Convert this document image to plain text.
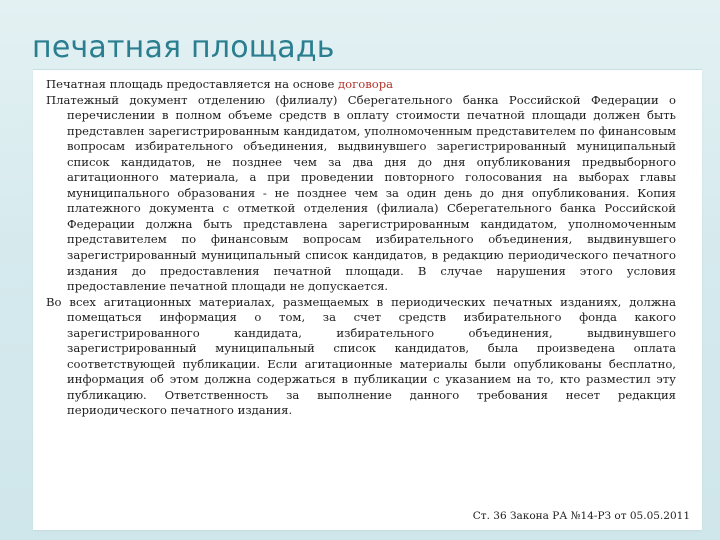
печатная площадь

Печатная площадь предоставляется на основе договора

Платежный документ отделению (филиалу) Сберегательного банка Российской Федерации о перечислении в полном объеме средств в оплату стоимости печатной площади должен быть представлен зарегистрированным кандидатом, уполномоченным представителем по финансовым вопросам избирательного объединения, выдвинувшего зарегистрированный муниципальный список кандидатов, не позднее чем за два дня до дня опубликования предвыборного агитационного материала, а при проведении повторного голосования на выборах главы муниципального образования - не позднее чем за один день до дня опубликования. Копия платежного документа с отметкой отделения (филиала) Сберегательного банка Российской Федерации должна быть представлена зарегистрированным кандидатом, уполномоченным представителем по финансовым вопросам избирательного объединения, выдвинувшего зарегистрированный муниципальный список кандидатов, в редакцию периодического печатного издания до предоставления печатной площади. В случае нарушения этого условия предоставление печатной площади не допускается.

Во всех агитационных материалах, размещаемых в периодических печатных изданиях, должна помещаться информация о том, за счет средств избирательного фонда какого зарегистрированного кандидата, избирательного объединения, выдвинувшего зарегистрированный муниципальный список кандидатов, была произведена оплата соответствующей публикации. Если агитационные материалы были опубликованы бесплатно, информация об этом должна содержаться в публикации с указанием на то, кто разместил эту публикацию. Ответственность за выполнение данного требования несет редакция периодического печатного издания.

Ст. 36 Закона РА №14-РЗ от 05.05.2011
